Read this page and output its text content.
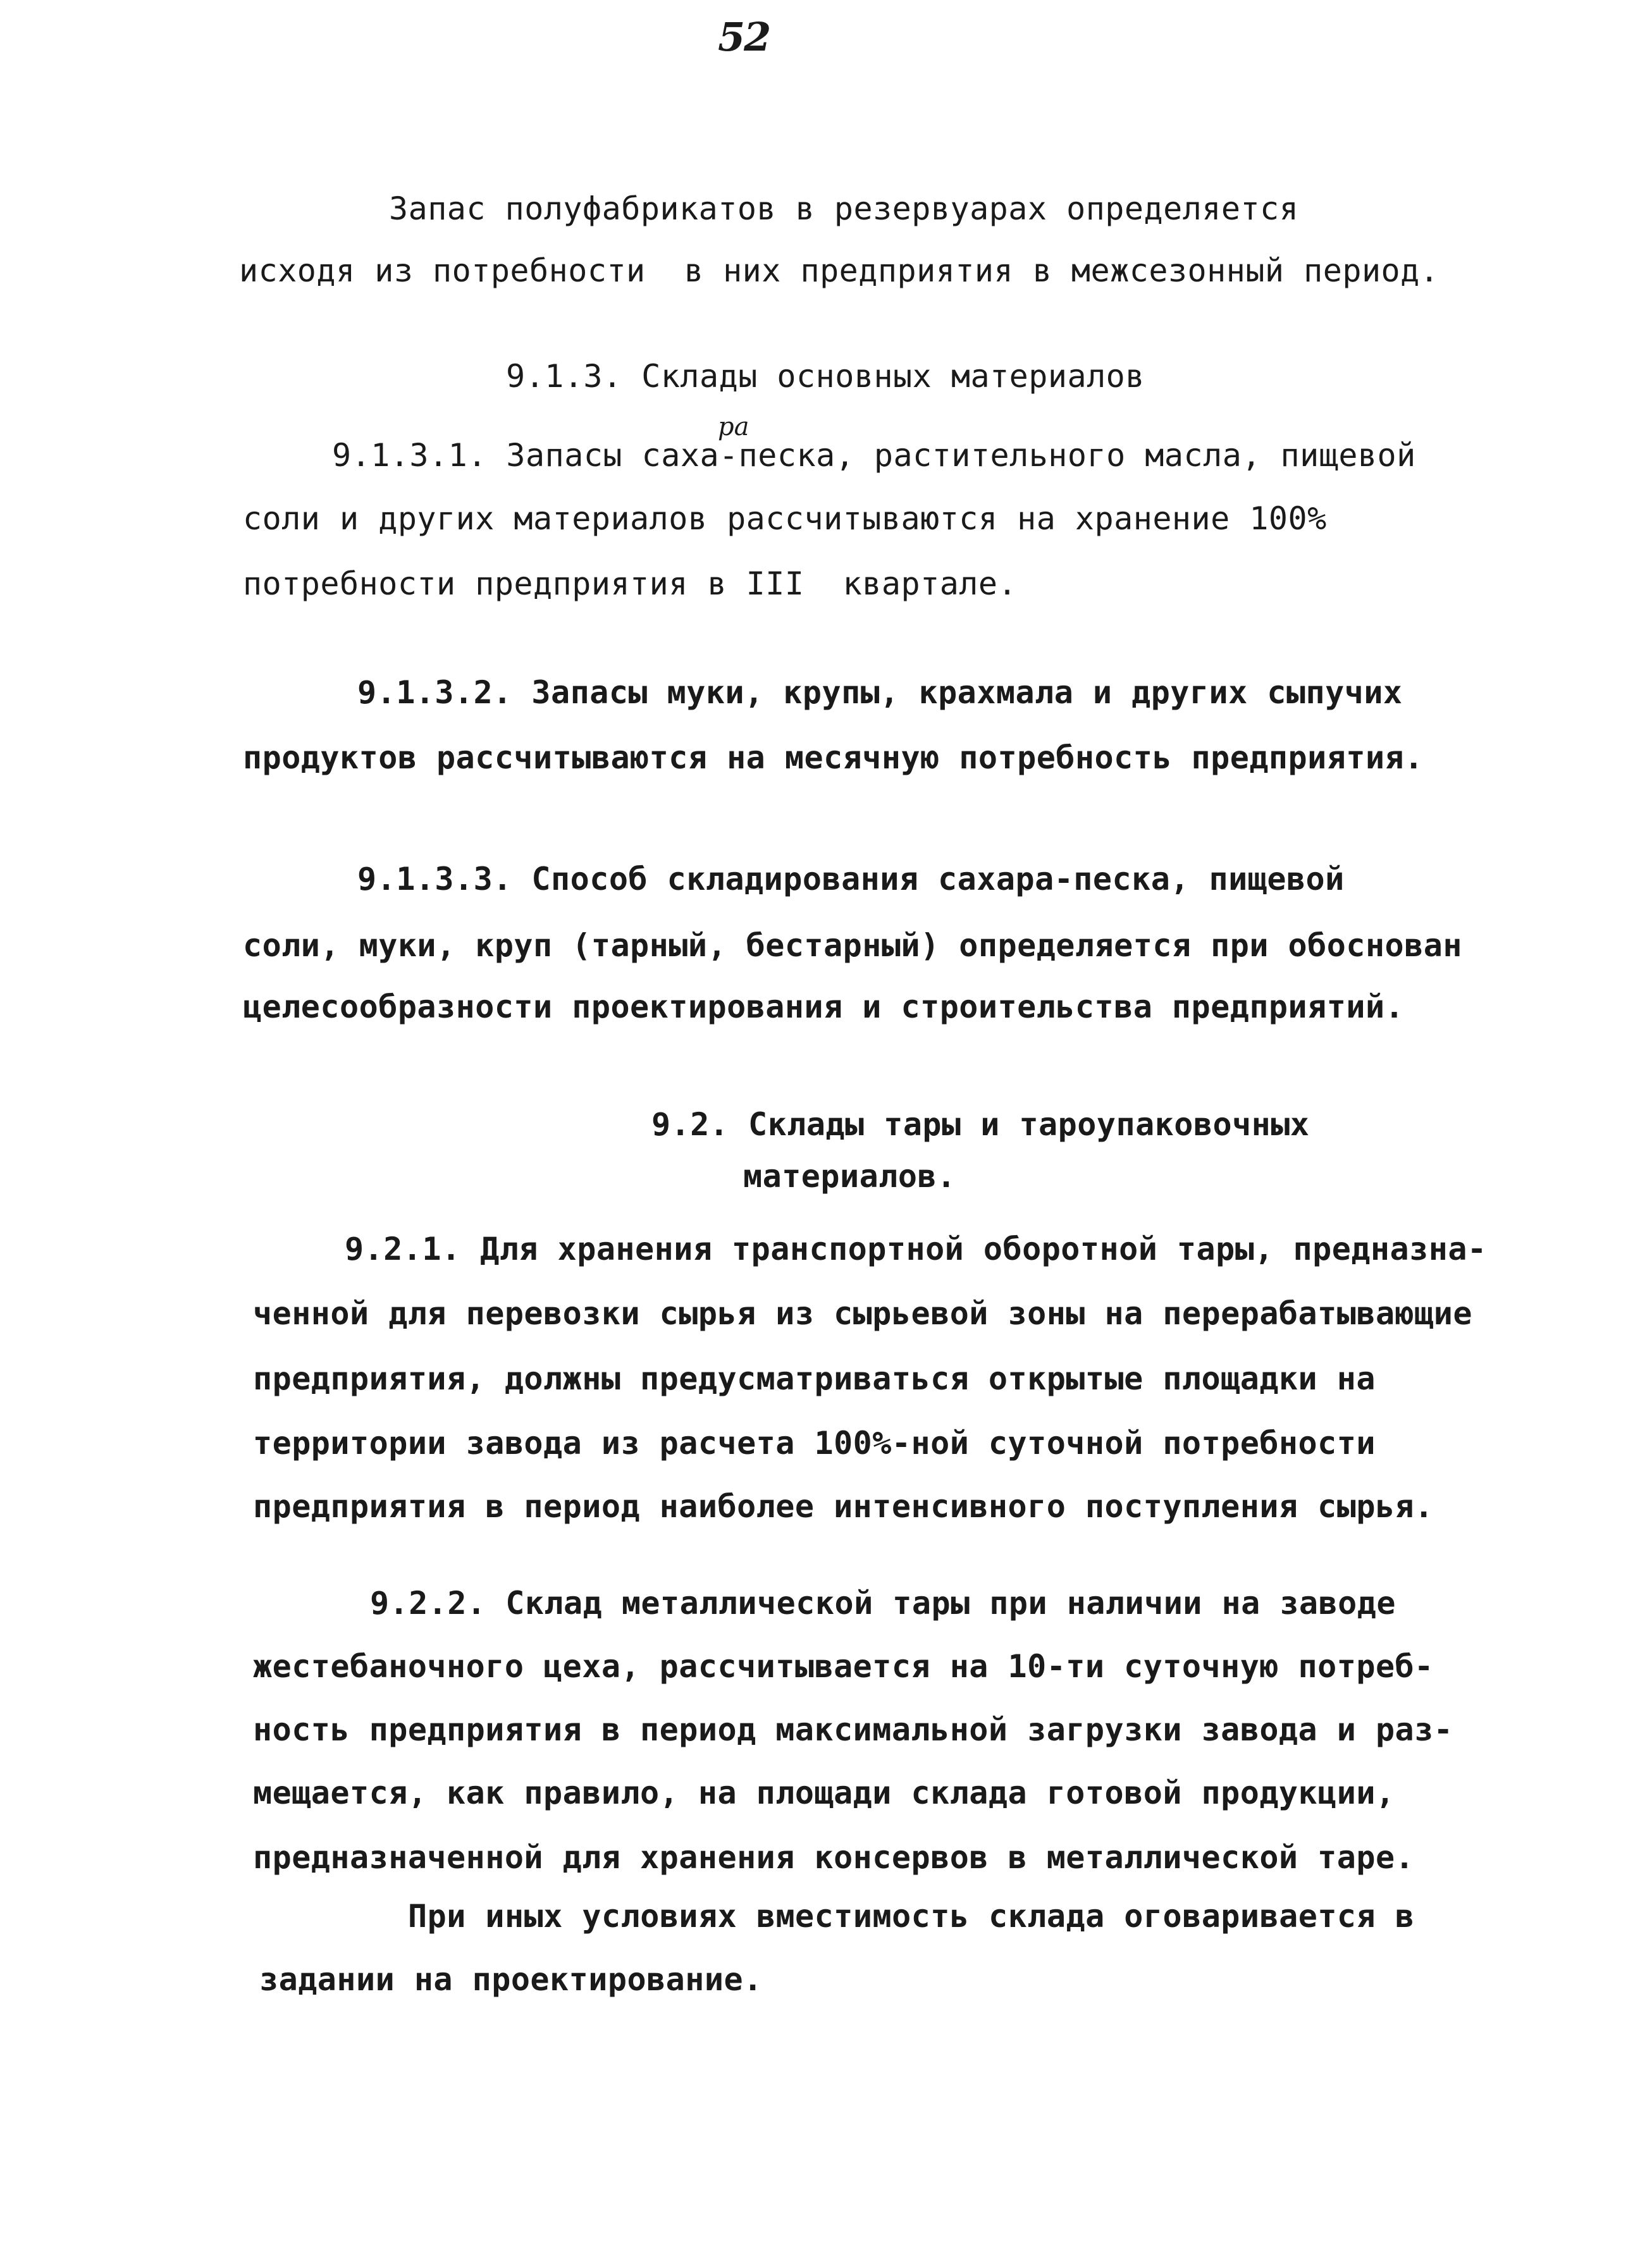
52
Запас полуфабрикатов в резервуарах определяется
исходя из потребности  в них предприятия в межсезонный период.
9.1.3. Склады основных материалов
ра
9.1.3.1. Запасы саха-песка, растительного масла, пищевой
соли и других материалов рассчитываются на хранение 100%
потребности предприятия в III  квартале.
9.1.3.2. Запасы муки, крупы, крахмала и других сыпучих
продуктов рассчитываются на месячную потребность предприятия.
9.1.3.3. Способ складирования сахара-песка, пищевой
соли, муки, круп (тарный, бестарный) определяется при обоснован
целесообразности проектирования и строительства предприятий.
9.2. Склады тары и тароупаковочных
материалов.
9.2.1. Для хранения транспортной оборотной тары, предназна-
ченной для перевозки сырья из сырьевой зоны на перерабатывающие
предприятия, должны предусматриваться открытые площадки на
территории завода из расчета 100%-ной суточной потребности
предприятия в период наиболее интенсивного поступления сырья.
9.2.2. Склад металлической тары при наличии на заводе
жестебаночного цеха, рассчитывается на 10-ти суточную потреб-
ность предприятия в период максимальной загрузки завода и раз-
мещается, как правило, на площади склада готовой продукции,
предназначенной для хранения консервов в металлической таре.
При иных условиях вместимость склада оговаривается в
задании на проектирование.
